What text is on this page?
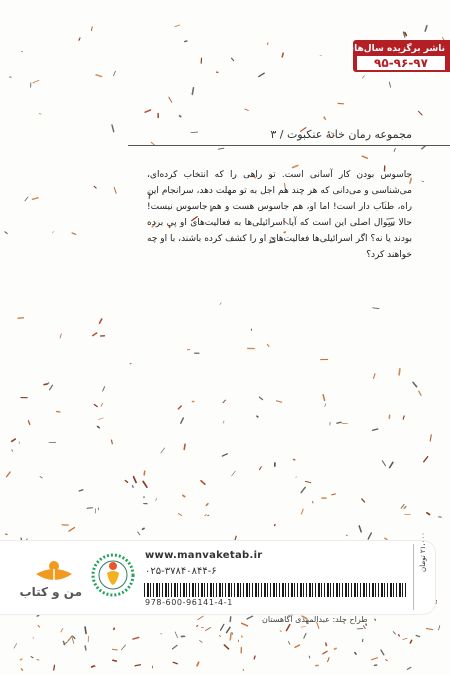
ناشر برگزیده سال‌های
۹۵-۹۶-۹۷
مجموعه رمان خانهٔ عنکبوت / ۳

جاسوس بودن کار آسانی است. تو راهی را که انتخاب کرده‌ای، می‌شناسی و می‌دانی که هر چند هم اجل به تو مهلت دهد، سرانجام این راه، طناب دار است! اما او، هم جاسوس هست و هم جاسوس نیست! حالا سوال اصلی این است که آیا اسرائیلی‌ها به فعالیت‌های او پی برده بودند یا نه؟ اگر اسرائیلی‌ها فعالیت‌های او را کشف کرده باشند، با او چه خواهند کرد؟

۲۱،۰۰۰ تومان
www.manvaketab.ir
۰۲۵-۳۷۸۴۰۸۴۴-۶
978-600-96141-4-1
من و کتاب
طراح جلد: عبدالمهدی آگاهستان
